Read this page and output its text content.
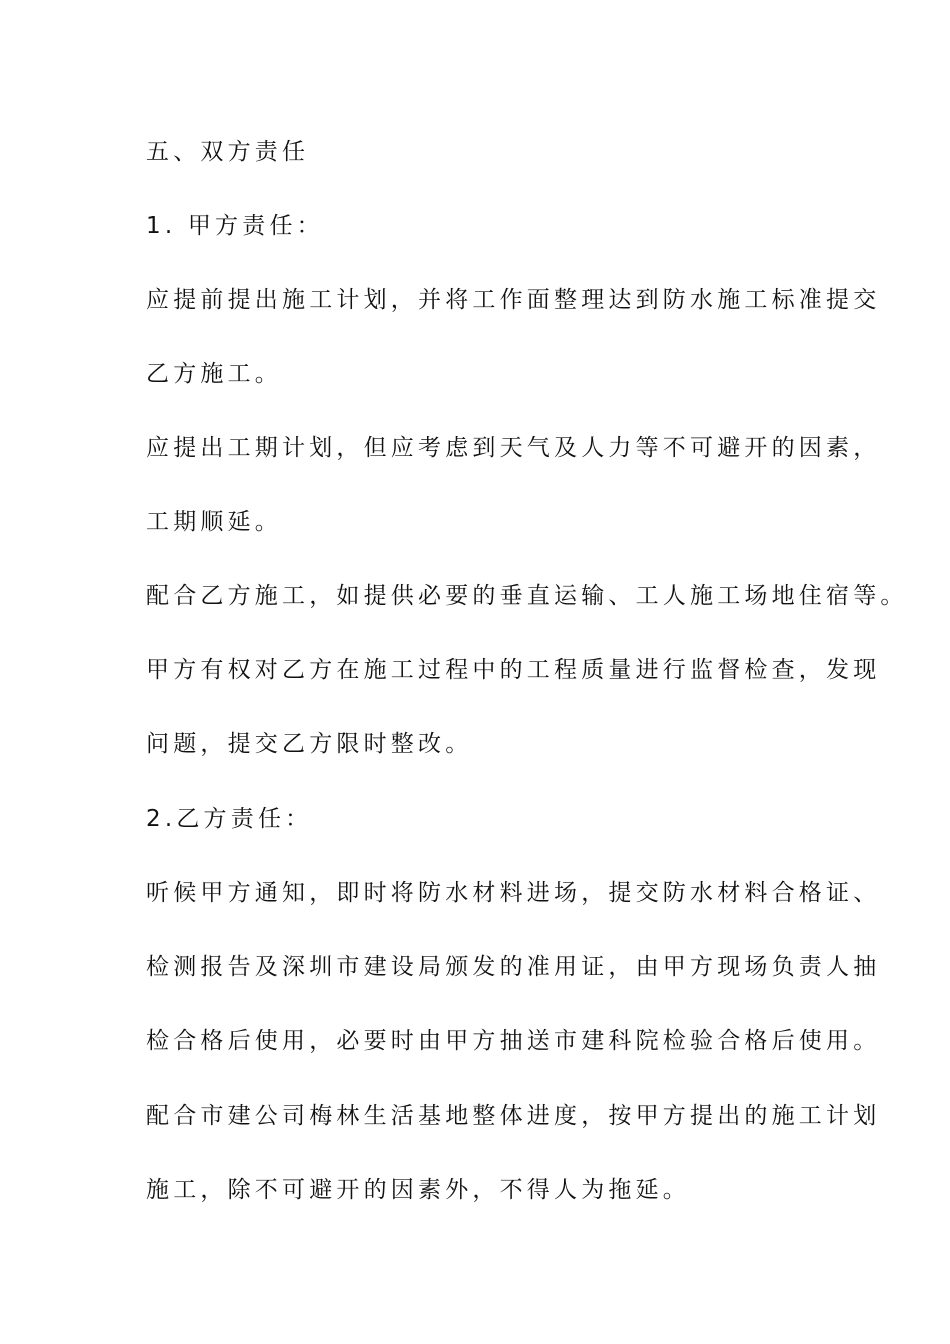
五、双方责任
1. 甲方责任：
应提前提出施工计划，并将工作面整理达到防水施工标准提交
乙方施工。
应提出工期计划，但应考虑到天气及人力等不可避开的因素，
工期顺延。
配合乙方施工，如提供必要的垂直运输、工人施工场地住宿等。
甲方有权对乙方在施工过程中的工程质量进行监督检查，发现
问题，提交乙方限时整改。
2.乙方责任：
听候甲方通知，即时将防水材料进场，提交防水材料合格证、
检测报告及深圳市建设局颁发的准用证，由甲方现场负责人抽
检合格后使用，必要时由甲方抽送市建科院检验合格后使用。
配合市建公司梅林生活基地整体进度，按甲方提出的施工计划
施工，除不可避开的因素外，不得人为拖延。
